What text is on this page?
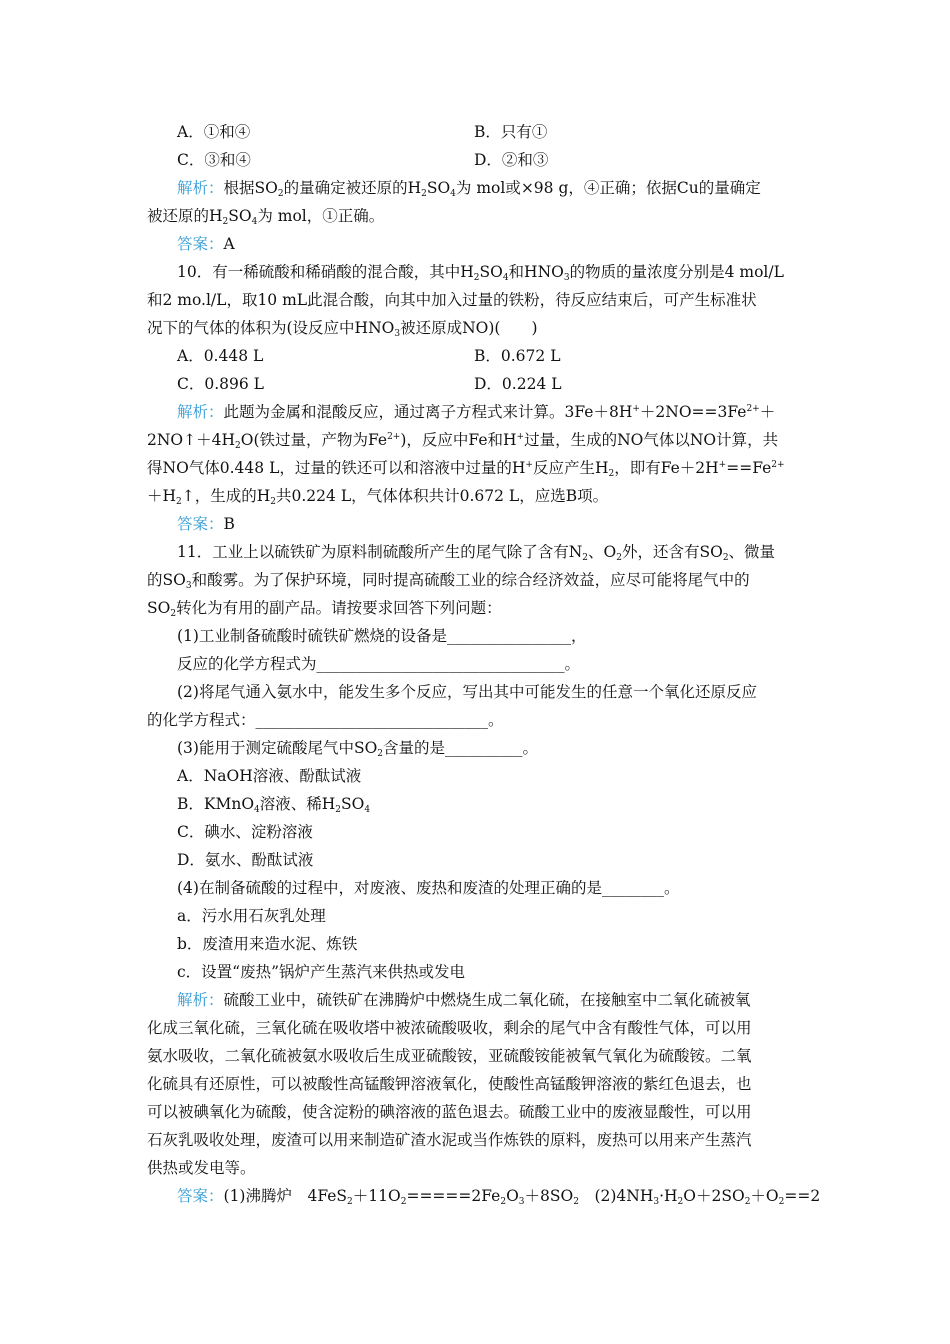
A．①和④	B．只有①
C．③和④	D．②和③
解析：根据$SO_2$的量确定被还原的$H_2SO_4$为 mol或×98 g，④正确；依据Cu的量确定
被还原的$H_2SO_4$为 mol，①正确。
答案：A
10．有一稀硫酸和稀硝酸的混合酸，其中$H_2SO_4$和$HNO_3$的物质的量浓度分别是4 mol/L
和2 mo.l/L，取10 mL此混合酸，向其中加入过量的铁粉，待反应结束后，可产生标准状
况下的气体的体积为(设反应中$HNO_3$被还原成NO)(　　)
A．0.448 L	B．0.672 L
C．0.896 L	D．0.224 L
解析：此题为金属和混酸反应，通过离子方程式来计算。$3Fe+8H^++2NO==3Fe^{2+}+$
$2NO↑+4H_2O$(铁过量，产物为$Fe^{2+}$)，反应中Fe和H+过量，生成的NO气体以NO计算，共
得NO气体0.448 L，过量的铁还可以和溶液中过量的H+反应产生$H_2$，即有$Fe+2H^+==Fe^{2+}$
$+H_2↑$，生成的$H_2$共0.224 L，气体体积共计0.672 L，应选B项。
答案：B
11．工业上以硫铁矿为原料制硫酸所产生的尾气除了含有$N_2$、$O_2$外，还含有$SO_2$、微量
的$SO_3$和酸雾。为了保护环境，同时提高硫酸工业的综合经济效益，应尽可能将尾气中的
$SO_2$转化为有用的副产品。请按要求回答下列问题：
(1)工业制备硫酸时硫铁矿燃烧的设备是________________，
反应的化学方程式为________________________________。
(2)将尾气通入氨水中，能发生多个反应，写出其中可能发生的任意一个氧化还原反应
的化学方程式：______________________________。
(3)能用于测定硫酸尾气中$SO_2$含量的是__________。
A．NaOH溶液、酚酞试液
B．KMnO$_4$溶液、稀$H_2SO_4$
C．碘水、淀粉溶液
D．氨水、酚酞试液
(4)在制备硫酸的过程中，对废液、废热和废渣的处理正确的是________。
a．污水用石灰乳处理
b．废渣用来造水泥、炼铁
c．设置“废热”锅炉产生蒸汽来供热或发电
解析：硫酸工业中，硫铁矿在沸腾炉中燃烧生成二氧化硫，在接触室中二氧化硫被氧
化成三氧化硫，三氧化硫在吸收塔中被浓硫酸吸收，剩余的尾气中含有酸性气体，可以用
氨水吸收，二氧化硫被氨水吸收后生成亚硫酸铵，亚硫酸铵能被氧气氧化为硫酸铵。二氧
化硫具有还原性，可以被酸性高锰酸钾溶液氧化，使酸性高锰酸钾溶液的紫红色退去，也
可以被碘氧化为硫酸，使含淀粉的碘溶液的蓝色退去。硫酸工业中的废液显酸性，可以用
石灰乳吸收处理，废渣可以用来制造矿渣水泥或当作炼铁的原料，废热可以用来产生蒸汽
供热或发电等。
答案：(1)沸腾炉　$4FeS_2+11O_2=====2Fe_2O_3+8SO_2$　$(2)4NH_3\cdot H_2O+2SO_2+O_2==2$
